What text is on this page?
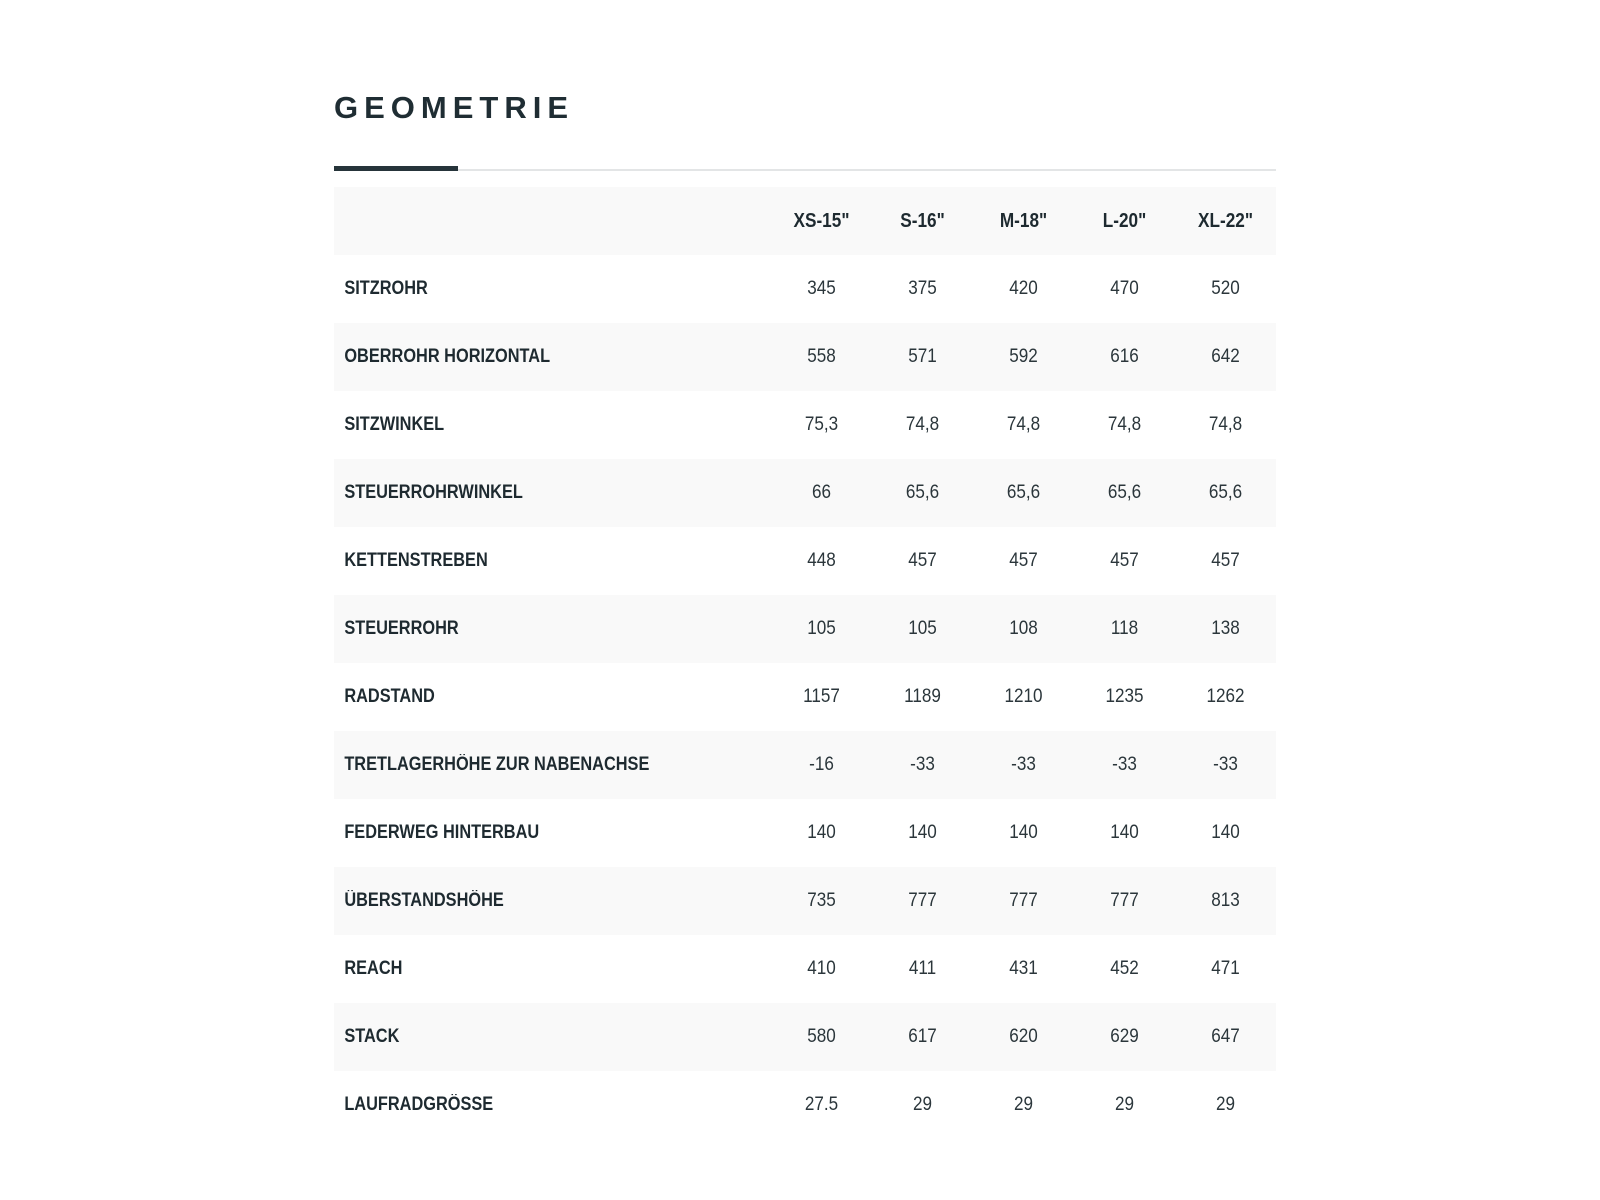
GEOMETRIE
	XS-15"	S-16"	M-18"	L-20"	XL-22"
SITZROHR	345	375	420	470	520
OBERROHR HORIZONTAL	558	571	592	616	642
SITZWINKEL	75,3	74,8	74,8	74,8	74,8
STEUERROHRWINKEL	66	65,6	65,6	65,6	65,6
KETTENSTREBEN	448	457	457	457	457
STEUERROHR	105	105	108	118	138
RADSTAND	1157	1189	1210	1235	1262
TRETLAGERHÖHE ZUR NABENACHSE	-16	-33	-33	-33	-33
FEDERWEG HINTERBAU	140	140	140	140	140
ÜBERSTANDSHÖHE	735	777	777	777	813
REACH	410	411	431	452	471
STACK	580	617	620	629	647
LAUFRADGRÖSSE	27.5	29	29	29	29
